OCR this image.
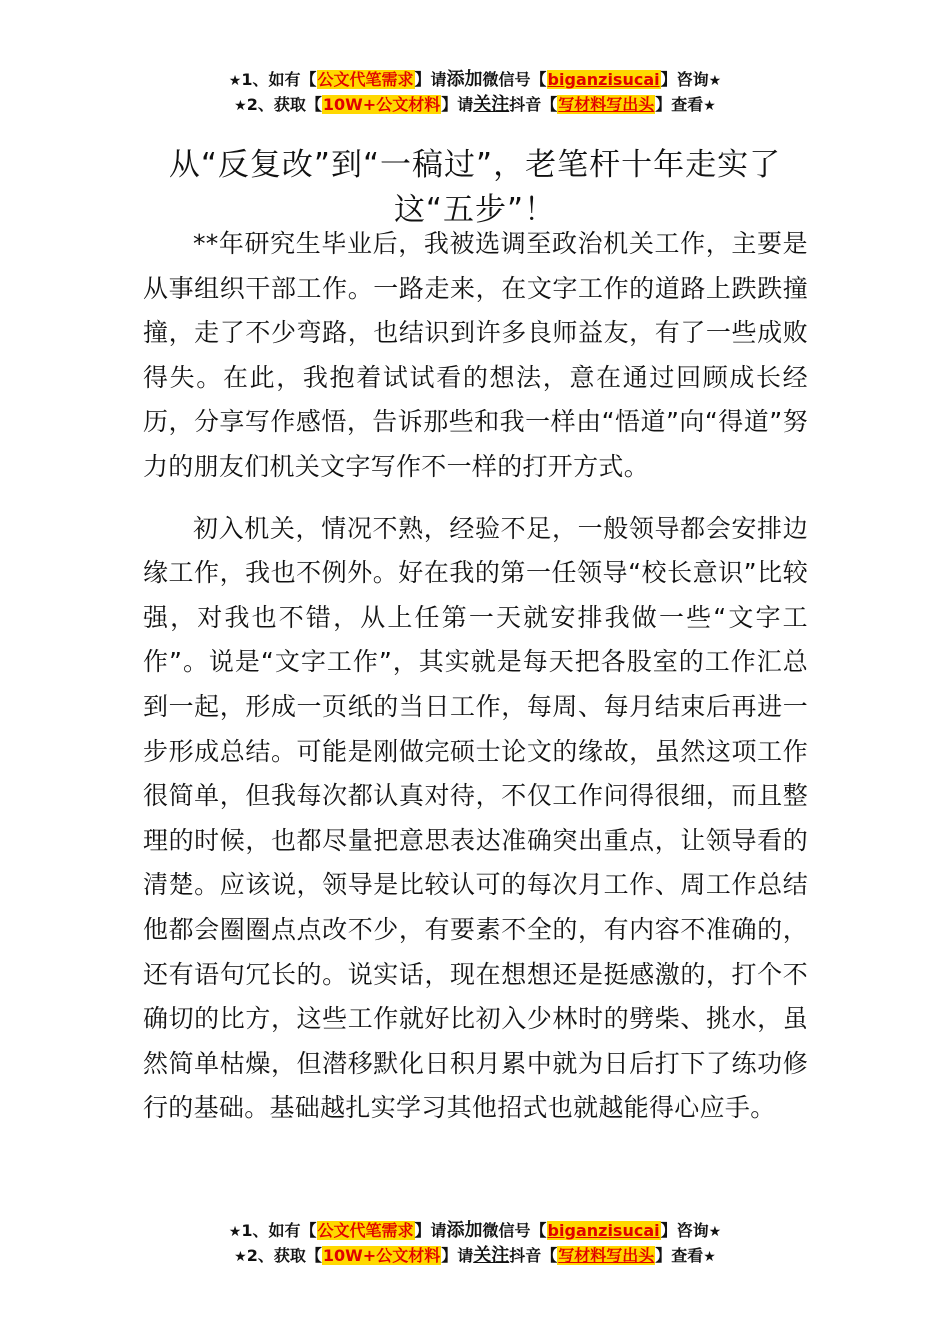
★1、如有【公文代笔需求】请添加微信号【biganzisucai】咨询★
★2、获取【10W+公文材料】请关注抖音【写材料写出头】查看★
从“反复改”到“一稿过”，老笔杆十年走实了这“五步”！

**年研究生毕业后，我被选调至政治机关工作，主要是从事组织干部工作。一路走来，在文字工作的道路上跌跌撞撞，走了不少弯路，也结识到许多良师益友，有了一些成败得失。在此，我抱着试试看的想法，意在通过回顾成长经历，分享写作感悟，告诉那些和我一样由“悟道”向“得道”努力的朋友们机关文字写作不一样的打开方式。

初入机关，情况不熟，经验不足，一般领导都会安排边缘工作，我也不例外。好在我的第一任领导“校长意识”比较强，对我也不错，从上任第一天就安排我做一些“文字工作”。说是“文字工作”，其实就是每天把各股室的工作汇总到一起，形成一页纸的当日工作，每周、每月结束后再进一步形成总结。可能是刚做完硕士论文的缘故，虽然这项工作很简单，但我每次都认真对待，不仅工作问得很细，而且整理的时候，也都尽量把意思表达准确突出重点，让领导看的清楚。应该说，领导是比较认可的每次月工作、周工作总结他都会圈圈点点改不少，有要素不全的，有内容不准确的，还有语句冗长的。说实话，现在想想还是挺感激的，打个不确切的比方，这些工作就好比初入少林时的劈柴、挑水，虽然简单枯燥，但潜移默化日积月累中就为日后打下了练功修行的基础。基础越扎实学习其他招式也就越能得心应手。

★1、如有【公文代笔需求】请添加微信号【biganzisucai】咨询★
★2、获取【10W+公文材料】请关注抖音【写材料写出头】查看★
